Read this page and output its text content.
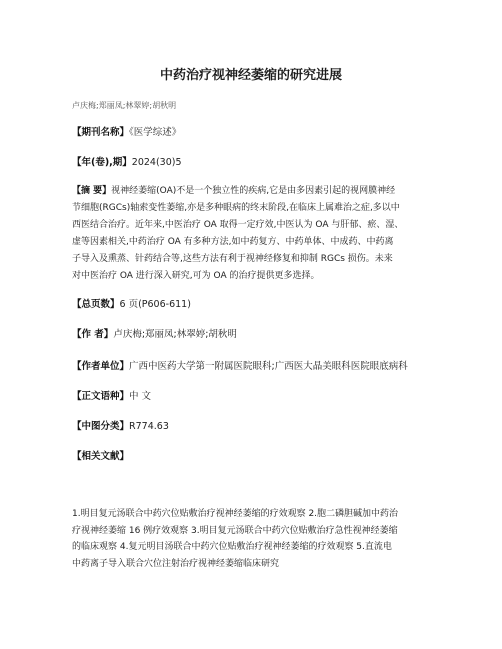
中药治疗视神经萎缩的研究进展
卢庆梅;郑丽凤;林翠婷;胡秋明
【期刊名称】《医学综述》
【年(卷),期】2024(30)5
【摘 要】视神经萎缩(OA)不是一个独立性的疾病,它是由多因素引起的视网膜神经
节细胞(RGCs)轴索变性萎缩,亦是多种眼病的终末阶段,在临床上属难治之症,多以中
西医结合治疗。近年来,中医治疗 OA 取得一定疗效,中医认为 OA 与肝郁、瘀、湿、
虚等因素相关,中药治疗 OA 有多种方法,如中药复方、中药单体、中成药、中药离
子导入及熏蒸、针药结合等,这些方法有利于视神经修复和抑制 RGCs 损伤。未来
对中医治疗 OA 进行深入研究,可为 OA 的治疗提供更多选择。
【总页数】6 页(P606-611)
【作 者】卢庆梅;郑丽凤;林翠婷;胡秋明
【作者单位】广西中医药大学第一附属医院眼科;广西医大晶美眼科医院眼底病科
【正文语种】中 文
【中图分类】R774.63
【相关文献】
1.明目复元汤联合中药穴位贴敷治疗视神经萎缩的疗效观察 2.胞二磷胆碱加中药治
疗视神经萎缩 16 例疗效观察 3.明目复元汤联合中药穴位贴敷治疗急性视神经萎缩
的临床观察 4.复元明目汤联合中药穴位贴敷治疗视神经萎缩的疗效观察 5.直流电
中药离子导入联合穴位注射治疗视神经萎缩临床研究
